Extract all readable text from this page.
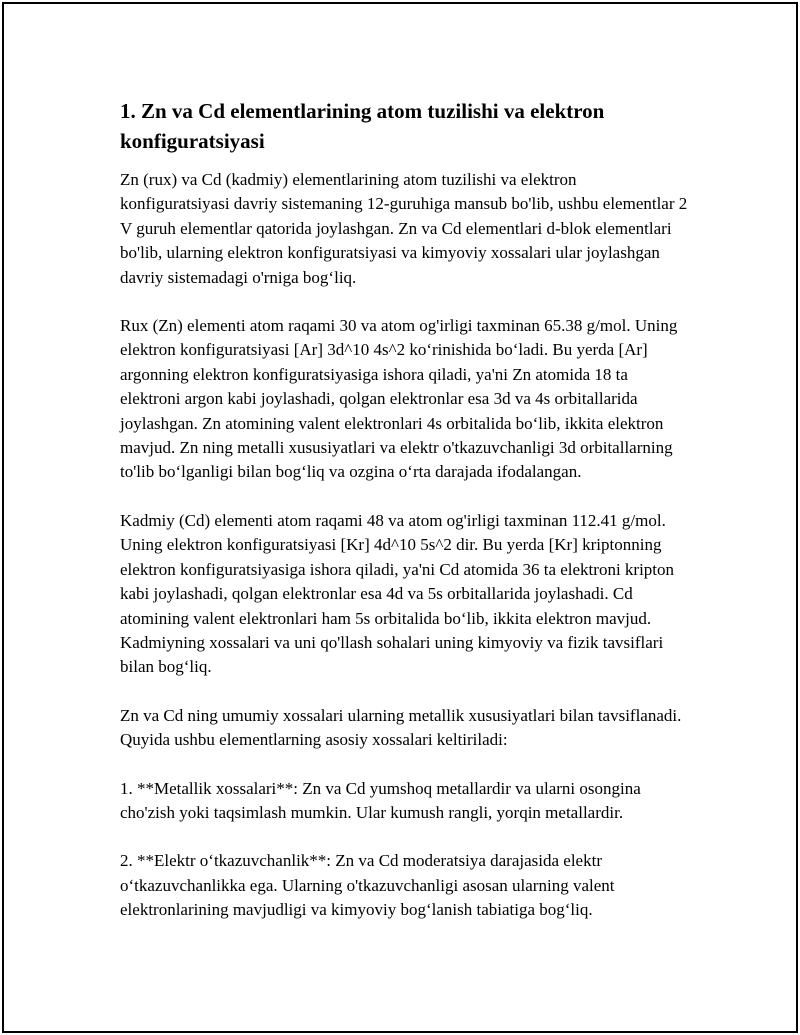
1. Zn va Cd elementlarining atom tuzilishi va elektron konfiguratsiyasi

Zn (rux) va Cd (kadmiy) elementlarining atom tuzilishi va elektron konfiguratsiyasi davriy sistemaning 12-guruhiga mansub bo'lib, ushbu elementlar 2 V guruh elementlar qatorida joylashgan. Zn va Cd elementlari d-blok elementlari bo'lib, ularning elektron konfiguratsiyasi va kimyoviy xossalari ular joylashgan davriy sistemadagi o'rniga bog‘liq.

Rux (Zn) elementi atom raqami 30 va atom og'irligi taxminan 65.38 g/mol. Uning elektron konfiguratsiyasi [Ar] 3d^10 4s^2 ko‘rinishida bo‘ladi. Bu yerda [Ar] argonning elektron konfiguratsiyasiga ishora qiladi, ya'ni Zn atomida 18 ta elektroni argon kabi joylashadi, qolgan elektronlar esa 3d va 4s orbitallarida joylashgan. Zn atomining valent elektronlari 4s orbitalida bo‘lib, ikkita elektron mavjud. Zn ning metalli xususiyatlari va elektr o'tkazuvchanligi 3d orbitallarning to'lib bo‘lganligi bilan bog‘liq va ozgina o‘rta darajada ifodalangan.

Kadmiy (Cd) elementi atom raqami 48 va atom og'irligi taxminan 112.41 g/mol. Uning elektron konfiguratsiyasi [Kr] 4d^10 5s^2 dir. Bu yerda [Kr] kriptonning elektron konfiguratsiyasiga ishora qiladi, ya'ni Cd atomida 36 ta elektroni kripton kabi joylashadi, qolgan elektronlar esa 4d va 5s orbitallarida joylashadi. Cd atomining valent elektronlari ham 5s orbitalida bo‘lib, ikkita elektron mavjud. Kadmiyning xossalari va uni qo'llash sohalari uning kimyoviy va fizik tavsiflari bilan bog‘liq.

Zn va Cd ning umumiy xossalari ularning metallik xususiyatlari bilan tavsiflanadi. Quyida ushbu elementlarning asosiy xossalari keltiriladi:

1. **Metallik xossalari**: Zn va Cd yumshoq metallardir va ularni osongina cho'zish yoki taqsimlash mumkin. Ular kumush rangli, yorqin metallardir.

2. **Elektr o‘tkazuvchanlik**: Zn va Cd moderatsiya darajasida elektr o‘tkazuvchanlikka ega. Ularning o'tkazuvchanligi asosan ularning valent elektronlarining mavjudligi va kimyoviy bog‘lanish tabiatiga bog‘liq.
